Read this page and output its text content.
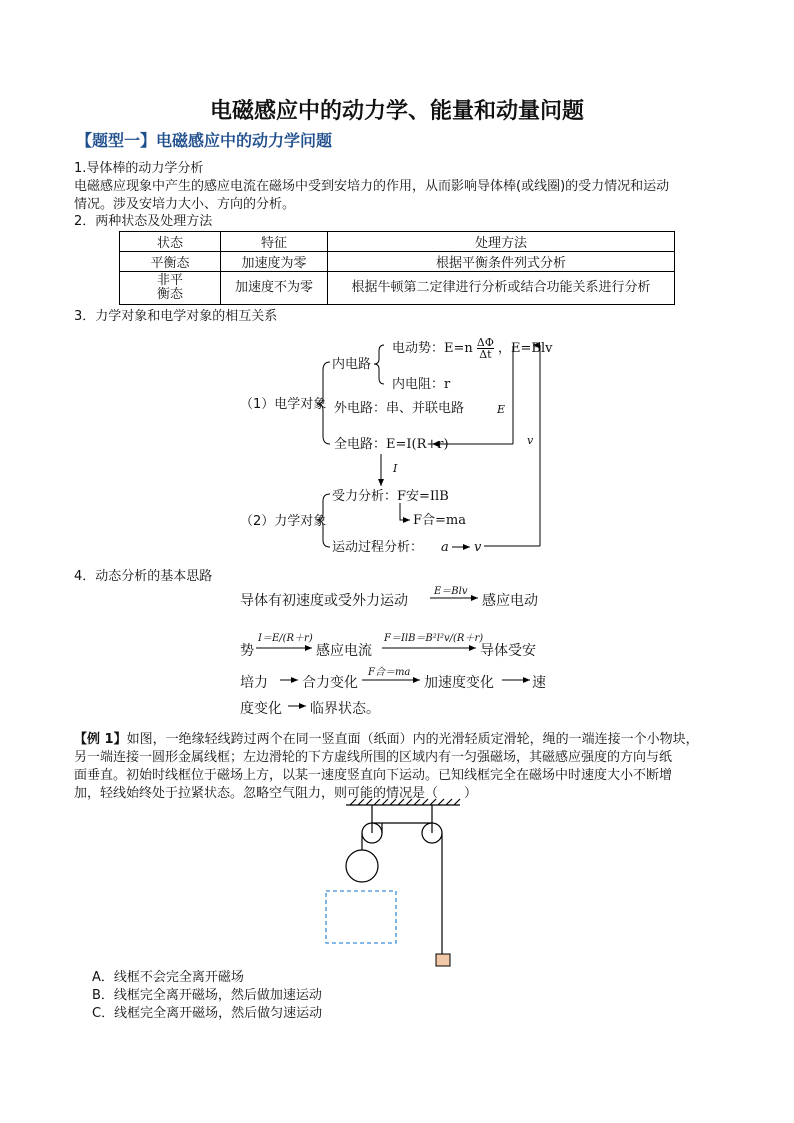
电磁感应中的动力学、能量和动量问题
【题型一】电磁感应中的动力学问题
1.导体棒的动力学分析
电磁感应现象中产生的感应电流在磁场中受到安培力的作用，从而影响导体棒(或线圈)的受力情况和运动
情况。涉及安培力大小、方向的分析。
2．两种状态及处理方法
状态	特征	处理方法
平衡态	加速度为零	根据平衡条件列式分析

非平
衡态	加速度不为零	根据牛顿第二定律进行分析或结合功能关系进行分析
3．力学对象和电学对象的相互关系
（1）电学对象
内电路
电动势：$E=n \frac{\Delta\Phi}{\Delta t}$ ，E=Blv
内电阻：r
外电路：串、并联电路	E
全电路：E=I(R+r)	v
I
（2）力学对象
受力分析：F安=IlB
F合=ma
运动过程分析： a v
4．动态分析的基本思路
导体有初速度或受外力运动
E＝Blv
感应电动
势
I＝E/(R＋r)
感应电流
F＝IlB＝B²l²v/(R＋r)
导体受安
培力 合力变化
F合＝ma
加速度变化	速
度变化 临界状态。
【例 1】如图，一绝缘轻线跨过两个在同一竖直面（纸面）内的光滑轻质定滑轮，绳的一端连接一个小物块，
另一端连接一圆形金属线框；左边滑轮的下方虚线所围的区域内有一匀强磁场，其磁感应强度的方向与纸
面垂直。初始时线框位于磁场上方，以某一速度竖直向下运动。已知线框完全在磁场中时速度大小不断增
加，轻线始终处于拉紧状态。忽略空气阻力，则可能的情况是（　　）
A．线框不会完全离开磁场
B．线框完全离开磁场，然后做加速运动
C．线框完全离开磁场，然后做匀速运动
